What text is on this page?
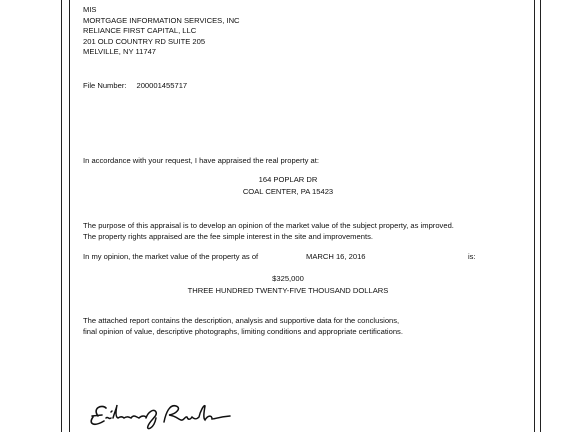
MIS
MORTGAGE INFORMATION SERVICES, INC
RELIANCE FIRST CAPITAL, LLC
201 OLD COUNTRY RD SUITE 205
MELVILLE, NY 11747
File Number: 200001455717
In accordance with your request, I have appraised the real property at:
164 POPLAR DR
COAL CENTER, PA 15423
The purpose of this appraisal is to develop an opinion of the market value of the subject property, as improved.
The property rights appraised are the fee simple interest in the site and improvements.
In my opinion, the market value of the property as of	MARCH 16, 2016	is:
$325,000
THREE HUNDRED TWENTY-FIVE THOUSAND DOLLARS
The attached report contains the description, analysis and supportive data for the conclusions,
final opinion of value, descriptive photographs, limiting conditions and appropriate certifications.
